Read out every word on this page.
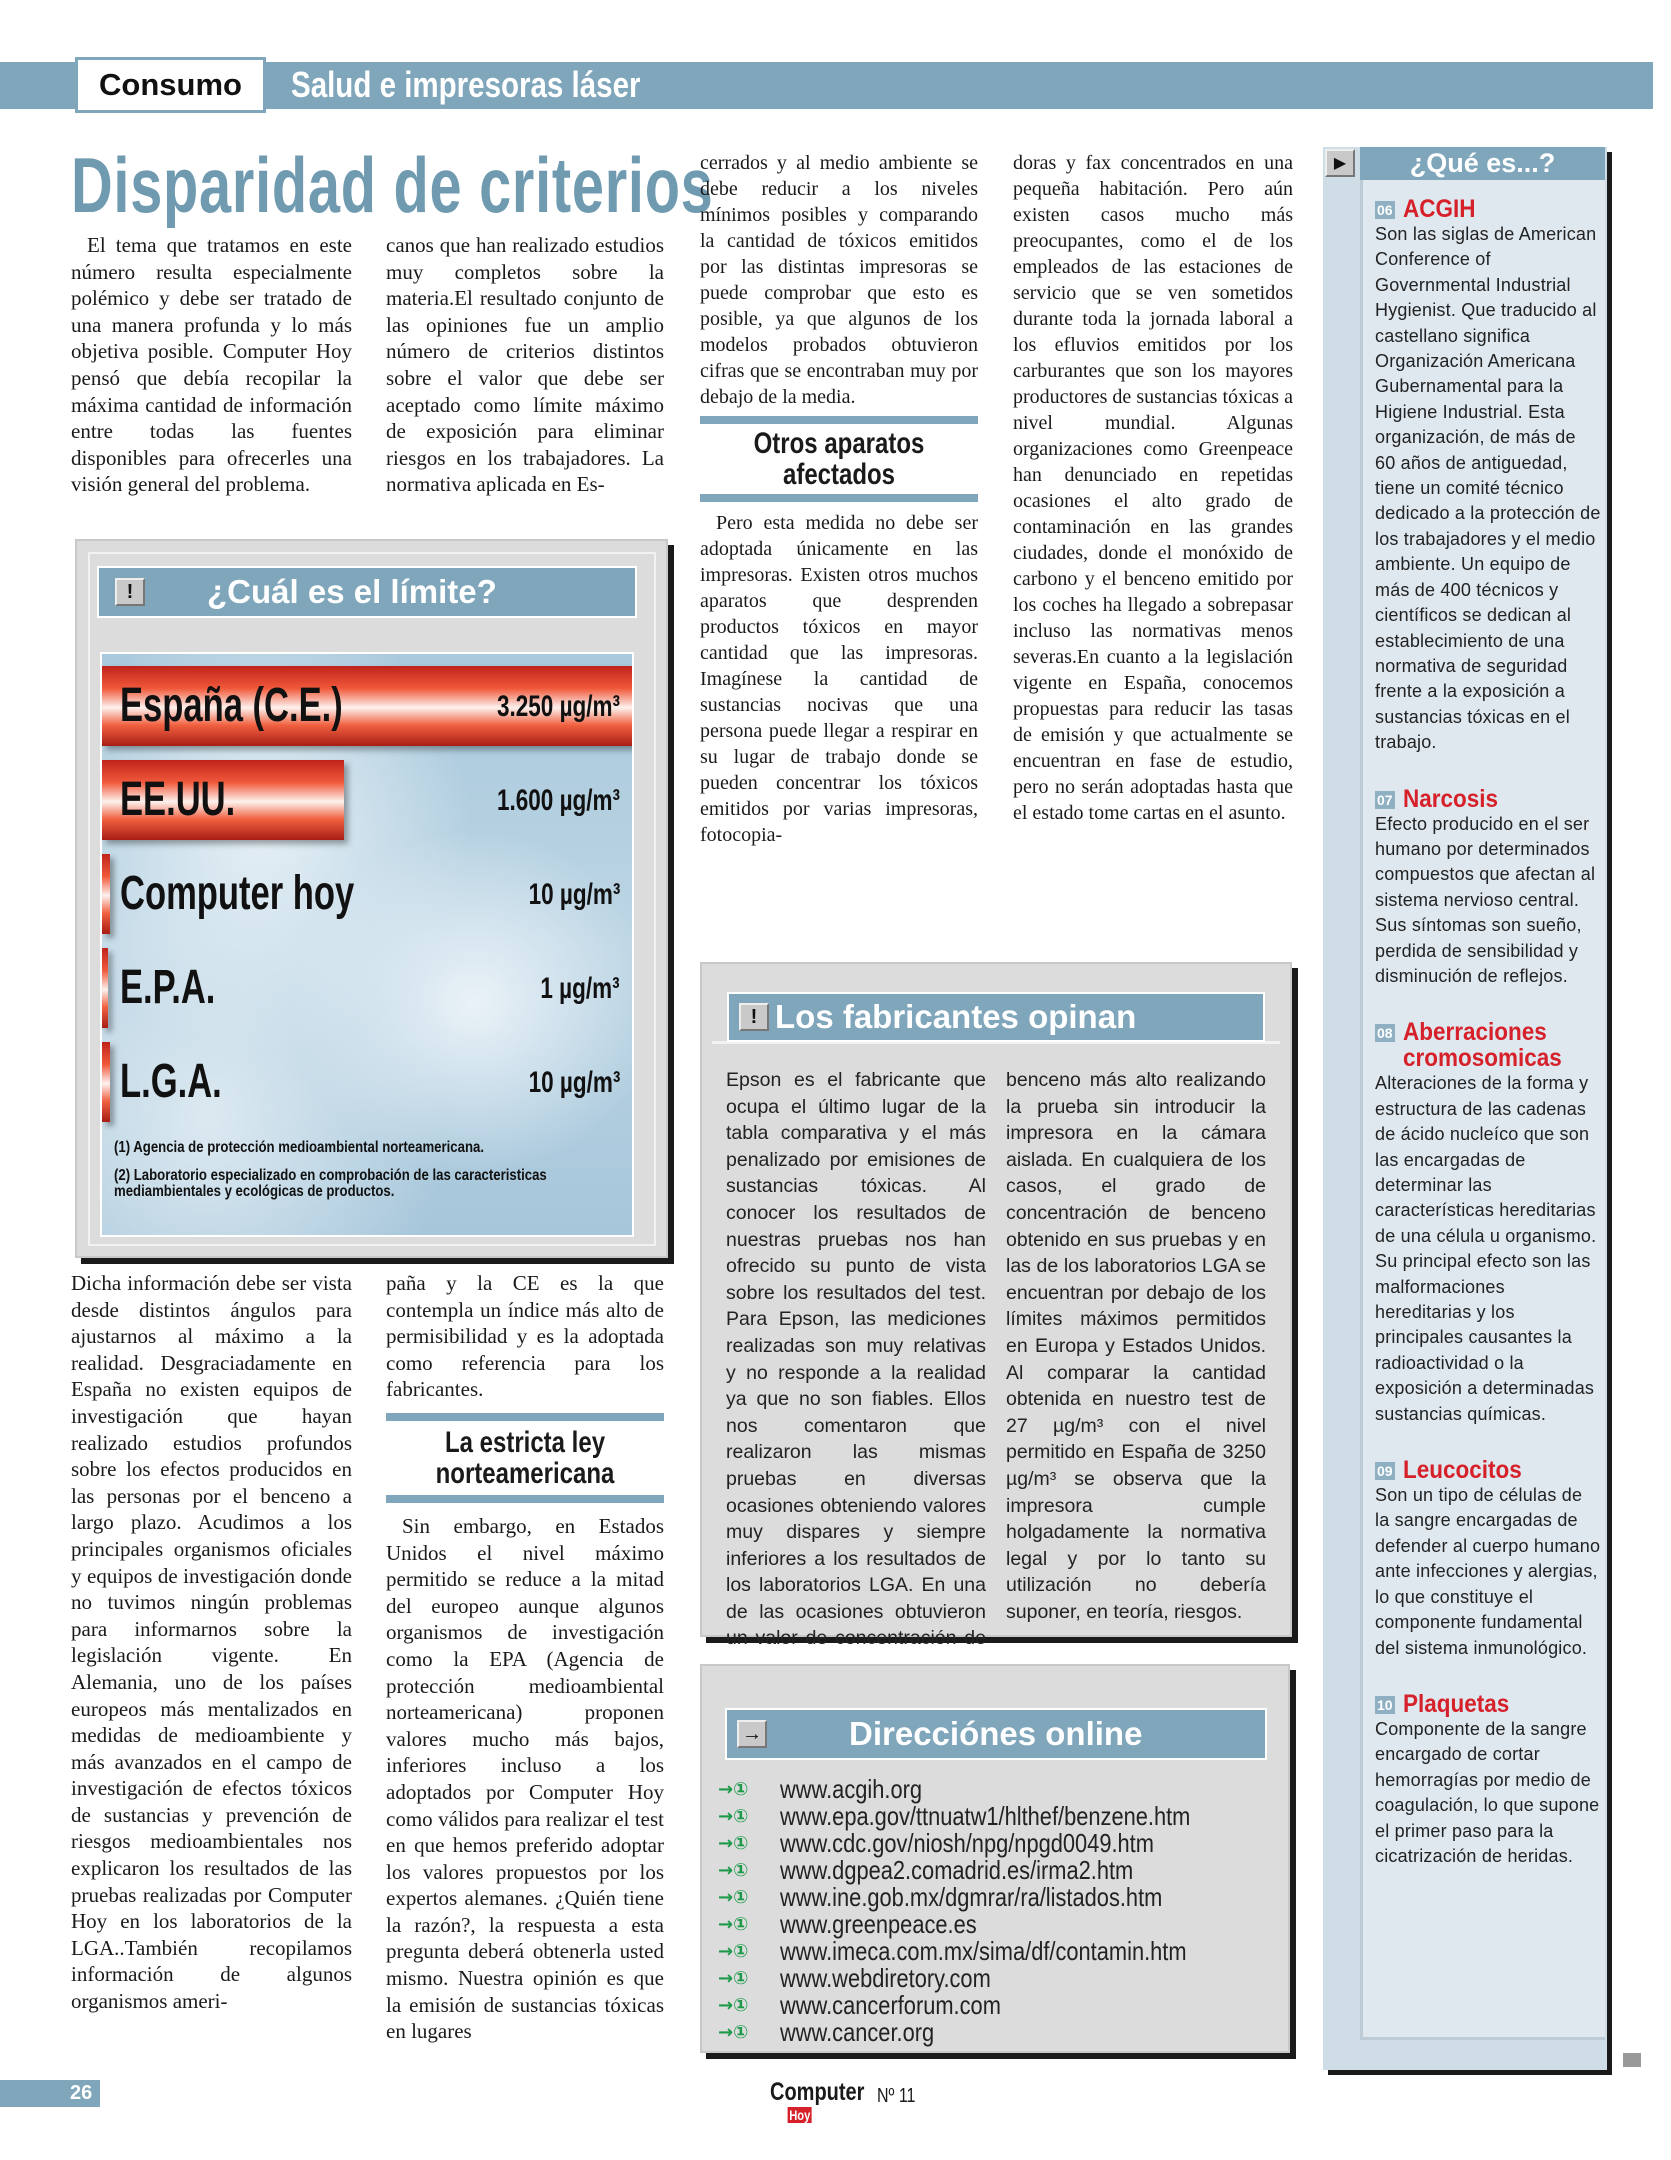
Consumo	Salud e impresoras láser
Disparidad de criterios

El tema que tratamos en este número resulta especialmente polémico y debe ser tratado de una manera profunda y lo más objetiva posible. Computer Hoy pensó que debía recopilar la máxima cantidad de información entre todas las fuentes disponibles para ofrecerles una visión general del problema.

canos que han realizado estudios muy completos sobre la materia.El resultado conjunto de las opiniones fue un amplio número de criterios distintos sobre el valor que debe ser aceptado como límite máximo de exposición para eliminar riesgos en los trabajadores. La normativa aplicada en Es-

cerrados y al medio ambiente se debe reducir a los niveles mínimos posibles y comparando la cantidad de tóxicos emitidos por las distintas impresoras se puede comprobar que esto es posible, ya que algunos de los modelos probados obtuvieron cifras que se encontraban muy por debajo de la media.

Otros aparatos afectados

Pero esta medida no debe ser adoptada únicamente en las impresoras. Existen otros muchos aparatos que desprenden productos tóxicos en mayor cantidad que las impresoras. Imagínese la cantidad de sustancias nocivas que una persona puede llegar a respirar en su lugar de trabajo donde se pueden concentrar los tóxicos emitidos por varias impresoras, fotocopia-

doras y fax concentrados en una pequeña habitación. Pero aún existen casos mucho más preocupantes, como el de los empleados de las estaciones de servicio que se ven sometidos durante toda la jornada laboral a los efluvios emitidos por los carburantes que son los mayores productores de sustancias tóxicas a nivel mundial. Algunas organizaciones como Greenpeace han denunciado en repetidas ocasiones el alto grado de contaminación en las grandes ciudades, donde el monóxido de carbono y el benceno emitido por los coches ha llegado a sobrepasar incluso las normativas menos severas.En cuanto a la legislación vigente en España, conocemos propuestas para reducir las tasas de emisión y que actualmente se encuentran en fase de estudio, pero no serán adoptadas hasta que el estado tome cartas en el asunto.

!	¿Cuál es el límite?
España (C.E.)	3.250 µg/m³
EE.UU.	1.600 µg/m³
Computer hoy	10 µg/m³
E.P.A.	1 µg/m³
L.G.A.	10 µg/m³
(1) Agencia de protección medioambiental norteamericana.
(2) Laboratorio especializado en comprobación de las caracteristicas mediambientales y ecológicas de productos.

Dicha información debe ser vista desde distintos ángulos para ajustarnos al máximo a la realidad. Desgraciadamente en España no existen equipos de investigación que hayan realizado estudios profundos sobre los efectos producidos en las personas por el benceno a largo plazo. Acudimos a los principales organismos oficiales y equipos de investigación donde no tuvimos ningún problemas para informarnos sobre la legislación vigente. En Alemania, uno de los países europeos más mentalizados en medidas de medioambiente y más avanzados en el campo de investigación de efectos tóxicos de sustancias y prevención de riesgos medioambientales nos explicaron los resultados de las pruebas realizadas por Computer Hoy en los laboratorios de la LGA..También recopilamos información de algunos organismos ameri-

paña y la CE es la que contempla un índice más alto de permisibilidad y es la adoptada como referencia para los fabricantes.

La estricta ley norteamericana

Sin embargo, en Estados Unidos el nivel máximo permitido se reduce a la mitad del europeo aunque algunos organismos de investigación como la EPA (Agencia de protección medioambiental norteamericana) proponen valores mucho más bajos, inferiores incluso a los adoptados por Computer Hoy como válidos para realizar el test en que hemos preferido adoptar los valores propuestos por los expertos alemanes. ¿Quién tiene la razón?, la respuesta a esta pregunta deberá obtenerla usted mismo. Nuestra opinión es que la emisión de sustancias tóxicas en lugares

! Los fabricantes opinan
Epson es el fabricante que ocupa el último lugar de la tabla comparativa y el más penalizado por emisiones de sustancias tóxicas. Al conocer los resultados de nuestras pruebas nos han ofrecido su punto de vista sobre los resultados del test. Para Epson, las mediciones realizadas son muy relativas y no responde a la realidad ya que no son fiables. Ellos nos comentaron que realizaron las mismas pruebas en diversas ocasiones obteniendo valores muy dispares y siempre inferiores a los resultados de los laboratorios LGA. En una de las ocasiones obtuvieron un valor de concentración de benceno más alto realizando la prueba sin introducir la impresora en la cámara aislada. En cualquiera de los casos, el grado de concentración de benceno obtenido en sus pruebas y en las de los laboratorios LGA se encuentran por debajo de los límites máximos permitidos en Europa y Estados Unidos. Al comparar la cantidad obtenida en nuestro test de 27 µg/m³ con el nivel permitido en España de 3250 µg/m³ se observa que la impresora cumple holgadamente la normativa legal y por lo tanto su utilización no debería suponer, en teoría, riesgos.
→	Direcciónes online
→① www.acgih.org
→① www.epa.gov/ttnuatw1/hlthef/benzene.htm
→① www.cdc.gov/niosh/npg/npgd0049.htm
→① www.dgpea2.comadrid.es/irma2.htm
→① www.ine.gob.mx/dgmrar/ra/listados.htm
→① www.greenpeace.es
→① www.imeca.com.mx/sima/df/contamin.htm
→① www.webdiretory.com
→① www.cancerforum.com
→① www.cancer.org
¿Qué es...?
06 ACGIH
Son las siglas de American Conference of Governmental Industrial Hygienist. Que traducido al castellano significa Organización Americana Gubernamental para la Higiene Industrial. Esta organización, de más de 60 años de antiguedad, tiene un comité técnico dedicado a la protección de los trabajadores y el medio ambiente. Un equipo de más de 400 técnicos y científicos se dedican al establecimiento de una normativa de seguridad frente a la exposición a sustancias tóxicas en el trabajo.
07 Narcosis
Efecto producido en el ser humano por determinados compuestos que afectan al sistema nervioso central. Sus síntomas son sueño, perdida de sensibilidad y disminución de reflejos.
08 Aberraciones cromosomicas
Alteraciones de la forma y estructura de las cadenas de ácido nucleíco que son las encargadas de determinar las características hereditarias de una célula u organismo. Su principal efecto son las malformaciones hereditarias y los principales causantes la radioactividad o la exposición a determinadas sustancias químicas.
09 Leucocitos
Son un tipo de células de la sangre encargadas de defender al cuerpo humano ante infecciones y alergias, lo que constituye el componente fundamental del sistema inmunológico.
10 Plaquetas
Componente de la sangre encargado de cortar hemorragías por medio de coagulación, lo que supone el primer paso para la cicatrización de heridas.
▶
26	Computer
Hoy
Nº 11
